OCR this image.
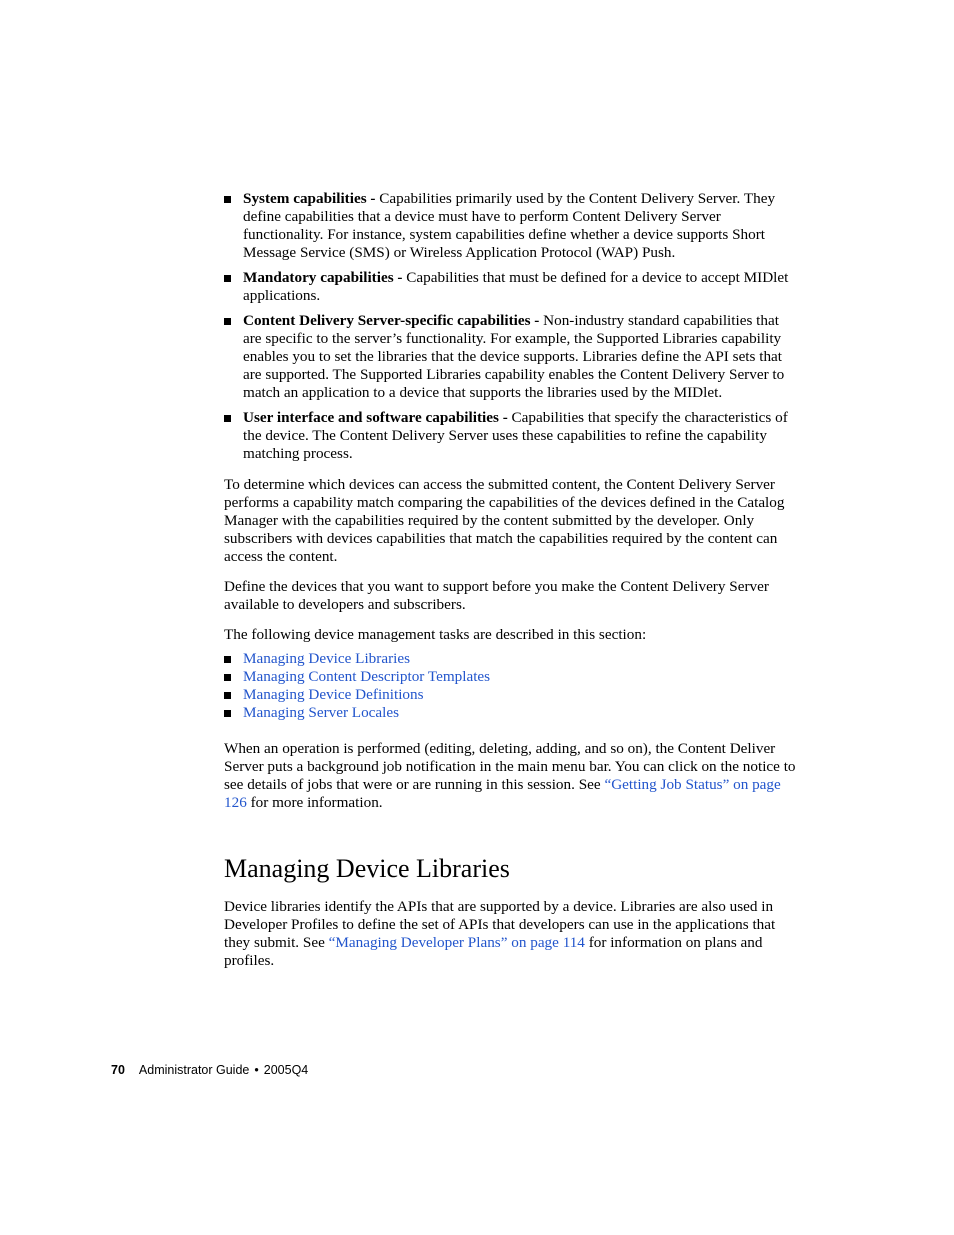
System capabilities - Capabilities primarily used by the Content Delivery Server. They define capabilities that a device must have to perform Content Delivery Server functionality. For instance, system capabilities define whether a device supports Short Message Service (SMS) or Wireless Application Protocol (WAP) Push.
Mandatory capabilities - Capabilities that must be defined for a device to accept MIDlet applications.
Content Delivery Server-specific capabilities - Non-industry standard capabilities that are specific to the server’s functionality. For example, the Supported Libraries capability enables you to set the libraries that the device supports. Libraries define the API sets that are supported. The Supported Libraries capability enables the Content Delivery Server to match an application to a device that supports the libraries used by the MIDlet.
User interface and software capabilities - Capabilities that specify the characteristics of the device. The Content Delivery Server uses these capabilities to refine the capability matching process.

To determine which devices can access the submitted content, the Content Delivery Server performs a capability match comparing the capabilities of the devices defined in the Catalog Manager with the capabilities required by the content submitted by the developer. Only subscribers with devices capabilities that match the capabilities required by the content can access the content.

Define the devices that you want to support before you make the Content Delivery Server available to developers and subscribers.

The following device management tasks are described in this section:

Managing Device Libraries
Managing Content Descriptor Templates
Managing Device Definitions
Managing Server Locales

When an operation is performed (editing, deleting, adding, and so on), the Content Deliver Server puts a background job notification in the main menu bar. You can click on the notice to see details of jobs that were or are running in this session. See “Getting Job Status” on page 126 for more information.

Managing Device Libraries

Device libraries identify the APIs that are supported by a device. Libraries are also used in Developer Profiles to define the set of APIs that developers can use in the applications that they submit. See “Managing Developer Plans” on page 114 for information on plans and profiles.

70 Administrator Guide • 2005Q4
